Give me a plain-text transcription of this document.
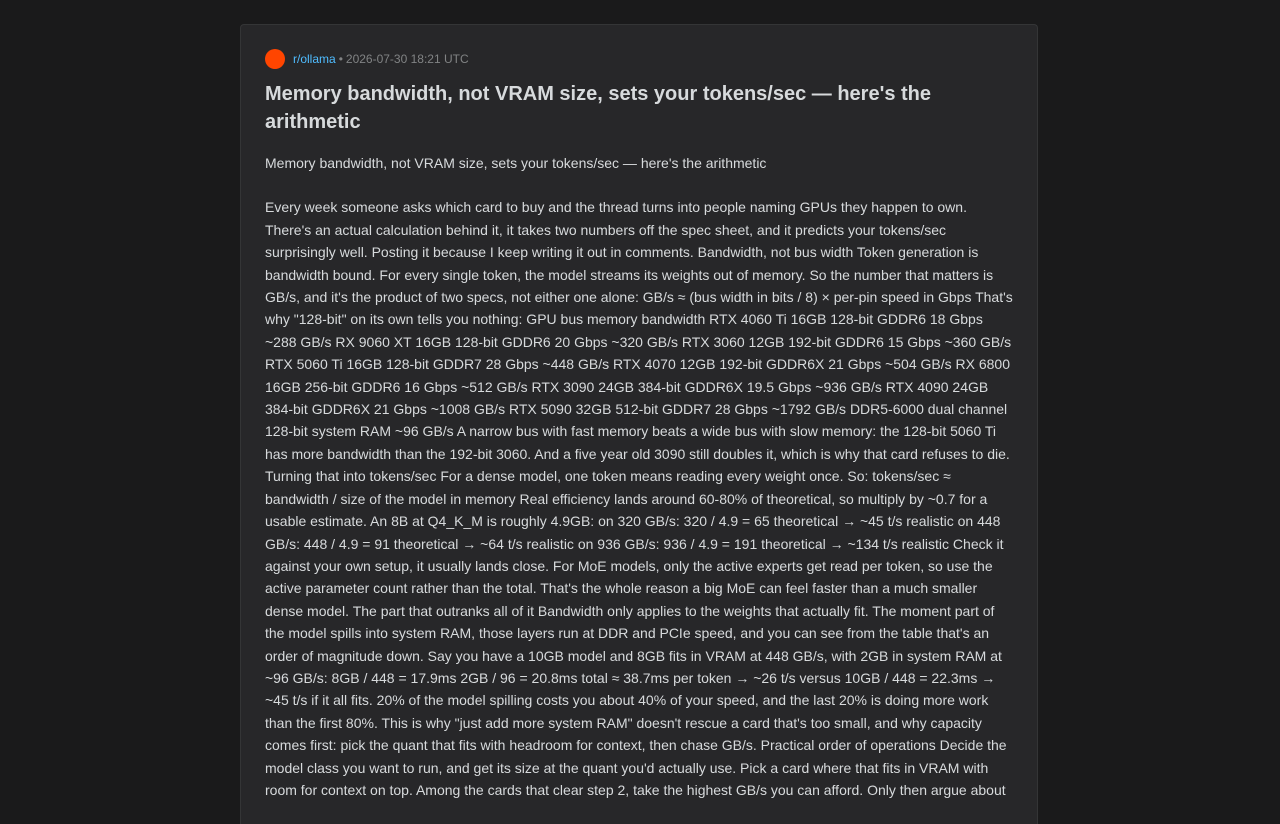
r/ollama • 2026-07-30 18:21 UTC
Memory bandwidth, not VRAM size, sets your tokens/sec — here's the arithmetic

Memory bandwidth, not VRAM size, sets your tokens/sec — here's the arithmetic

Every week someone asks which card to buy and the thread turns into people naming GPUs they happen to own. There's an actual calculation behind it, it takes two numbers off the spec sheet, and it predicts your tokens/sec surprisingly well. Posting it because I keep writing it out in comments. Bandwidth, not bus width Token generation is bandwidth bound. For every single token, the model streams its weights out of memory. So the number that matters is GB/s, and it's the product of two specs, not either one alone: GB/s ≈ (bus width in bits / 8) × per-pin speed in Gbps That's why "128-bit" on its own tells you nothing: GPU bus memory bandwidth RTX 4060 Ti 16GB 128-bit GDDR6 18 Gbps ~288 GB/s RX 9060 XT 16GB 128-bit GDDR6 20 Gbps ~320 GB/s RTX 3060 12GB 192-bit GDDR6 15 Gbps ~360 GB/s RTX 5060 Ti 16GB 128-bit GDDR7 28 Gbps ~448 GB/s RTX 4070 12GB 192-bit GDDR6X 21 Gbps ~504 GB/s RX 6800 16GB 256-bit GDDR6 16 Gbps ~512 GB/s RTX 3090 24GB 384-bit GDDR6X 19.5 Gbps ~936 GB/s RTX 4090 24GB 384-bit GDDR6X 21 Gbps ~1008 GB/s RTX 5090 32GB 512-bit GDDR7 28 Gbps ~1792 GB/s DDR5-6000 dual channel 128-bit system RAM ~96 GB/s A narrow bus with fast memory beats a wide bus with slow memory: the 128-bit 5060 Ti has more bandwidth than the 192-bit 3060. And a five year old 3090 still doubles it, which is why that card refuses to die. Turning that into tokens/sec For a dense model, one token means reading every weight once. So: tokens/sec ≈ bandwidth / size of the model in memory Real efficiency lands around 60-80% of theoretical, so multiply by ~0.7 for a usable estimate. An 8B at Q4_K_M is roughly 4.9GB: on 320 GB/s: 320 / 4.9 = 65 theoretical → ~45 t/s realistic on 448 GB/s: 448 / 4.9 = 91 theoretical → ~64 t/s realistic on 936 GB/s: 936 / 4.9 = 191 theoretical → ~134 t/s realistic Check it against your own setup, it usually lands close. For MoE models, only the active experts get read per token, so use the active parameter count rather than the total. That's the whole reason a big MoE can feel faster than a much smaller dense model. The part that outranks all of it Bandwidth only applies to the weights that actually fit. The moment part of the model spills into system RAM, those layers run at DDR and PCIe speed, and you can see from the table that's an order of magnitude down. Say you have a 10GB model and 8GB fits in VRAM at 448 GB/s, with 2GB in system RAM at ~96 GB/s: 8GB / 448 = 17.9ms 2GB / 96 = 20.8ms total ≈ 38.7ms per token → ~26 t/s versus 10GB / 448 = 22.3ms → ~45 t/s if it all fits. 20% of the model spilling costs you about 40% of your speed, and the last 20% is doing more work than the first 80%. This is why "just add more system RAM" doesn't rescue a card that's too small, and why capacity comes first: pick the quant that fits with headroom for context, then chase GB/s. Practical order of operations Decide the model class you want to run, and get its size at the quant you'd actually use. Pick a card where that fits in VRAM with room for context on top. Among the cards that clear step 2, take the highest GB/s you can afford. Only then argue about
